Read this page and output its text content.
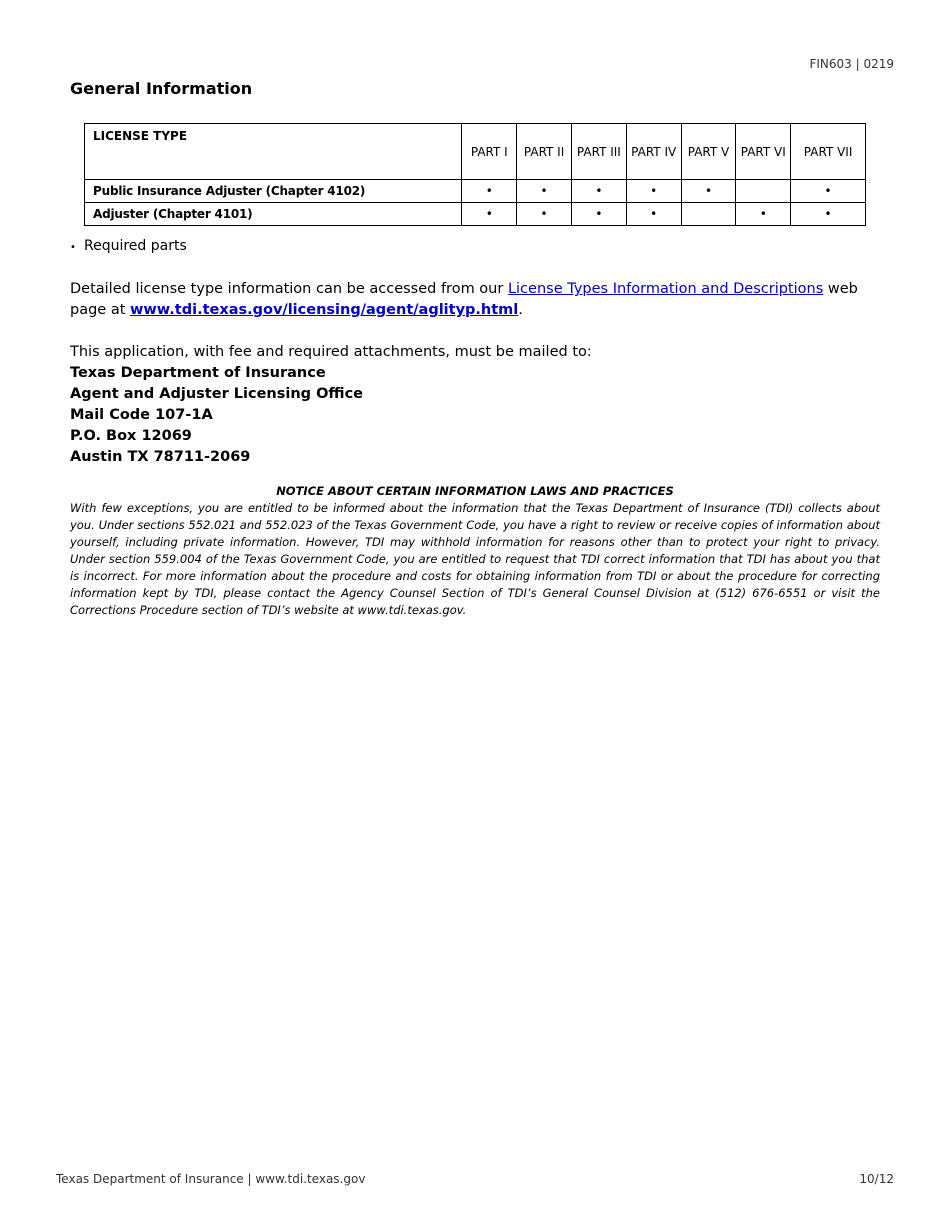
FIN603 | 0219
General Information
LICENSE TYPE	PART I	PART II	PART III	PART IV	PART V	PART VI	PART VII
Public Insurance Adjuster (Chapter 4102)	•	•	•	•	•		•
Adjuster (Chapter 4101)	•	•	•	•		•	•
• Required parts
Detailed license type information can be accessed from our License Types Information and Descriptions web page at www.tdi.texas.gov/licensing/agent/aglityp.html.
This application, with fee and required attachments, must be mailed to:
Texas Department of Insurance
Agent and Adjuster Licensing Office
Mail Code 107-1A
P.O. Box 12069
Austin TX 78711-2069
NOTICE ABOUT CERTAIN INFORMATION LAWS AND PRACTICES
With few exceptions, you are entitled to be informed about the information that the Texas Department of Insurance (TDI) collects about you. Under sections 552.021 and 552.023 of the Texas Government Code, you have a right to review or receive copies of information about yourself, including private information. However, TDI may withhold information for reasons other than to protect your right to privacy. Under section 559.004 of the Texas Government Code, you are entitled to request that TDI correct information that TDI has about you that is incorrect. For more information about the procedure and costs for obtaining information from TDI or about the procedure for correcting information kept by TDI, please contact the Agency Counsel Section of TDI’s General Counsel Division at (512) 676-6551 or visit the Corrections Procedure section of TDI’s website at www.tdi.texas.gov.
Texas Department of Insurance | www.tdi.texas.gov	10/12
